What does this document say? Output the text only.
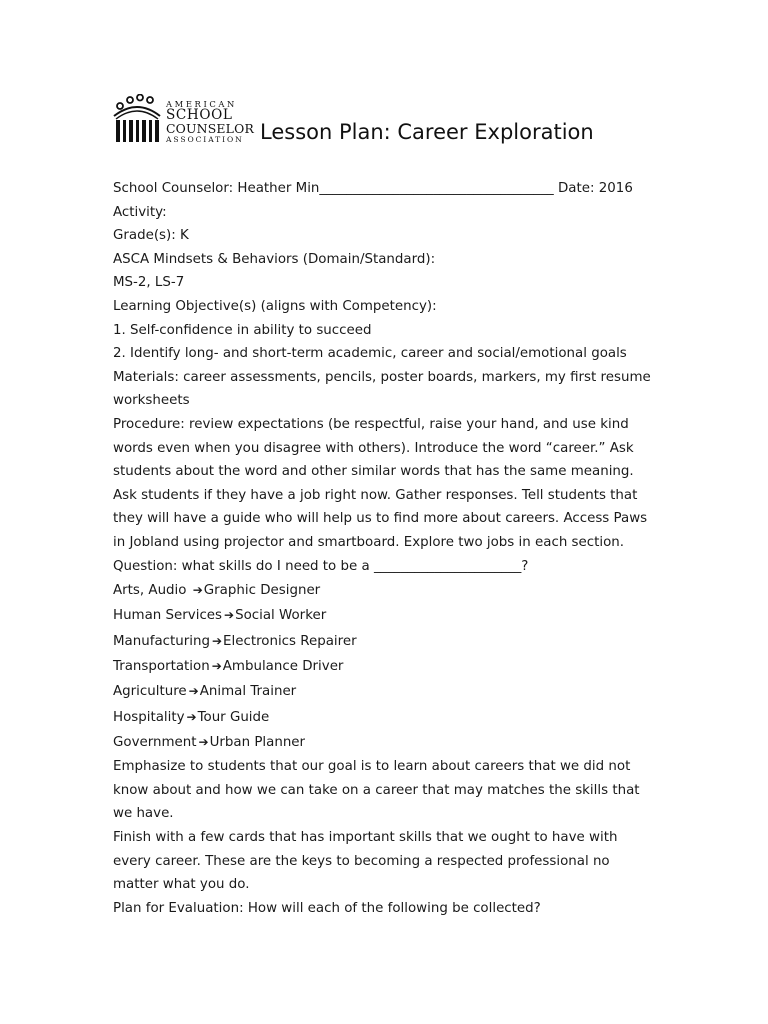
AMERICAN
SCHOOL
COUNSELOR
ASSOCIATION Lesson Plan: Career Exploration
School Counselor: Heather Min___________________________________ Date: 2016
Activity:
Grade(s): K
ASCA Mindsets & Behaviors (Domain/Standard):
MS-2, LS-7
Learning Objective(s) (aligns with Competency):
1. Self-confidence in ability to succeed
2. Identify long- and short-term academic, career and social/emotional goals
Materials: career assessments, pencils, poster boards, markers, my first resume worksheets
Procedure: review expectations (be respectful, raise your hand, and use kind words even when you disagree with others). Introduce the word “career.” Ask students about the word and other similar words that has the same meaning. Ask students if they have a job right now. Gather responses. Tell students that they will have a guide who will help us to find more about careers. Access Paws in Jobland using projector and smartboard. Explore two jobs in each section.
Question: what skills do I need to be a ______________________?
Arts, Audio ➔Graphic Designer
Human Services ➔Social Worker
Manufacturing ➔Electronics Repairer
Transportation ➔Ambulance Driver
Agriculture ➔Animal Trainer
Hospitality ➔Tour Guide
Government ➔Urban Planner
Emphasize to students that our goal is to learn about careers that we did not know about and how we can take on a career that may matches the skills that we have.
Finish with a few cards that has important skills that we ought to have with every career. These are the keys to becoming a respected professional no matter what you do.
Plan for Evaluation: How will each of the following be collected?
